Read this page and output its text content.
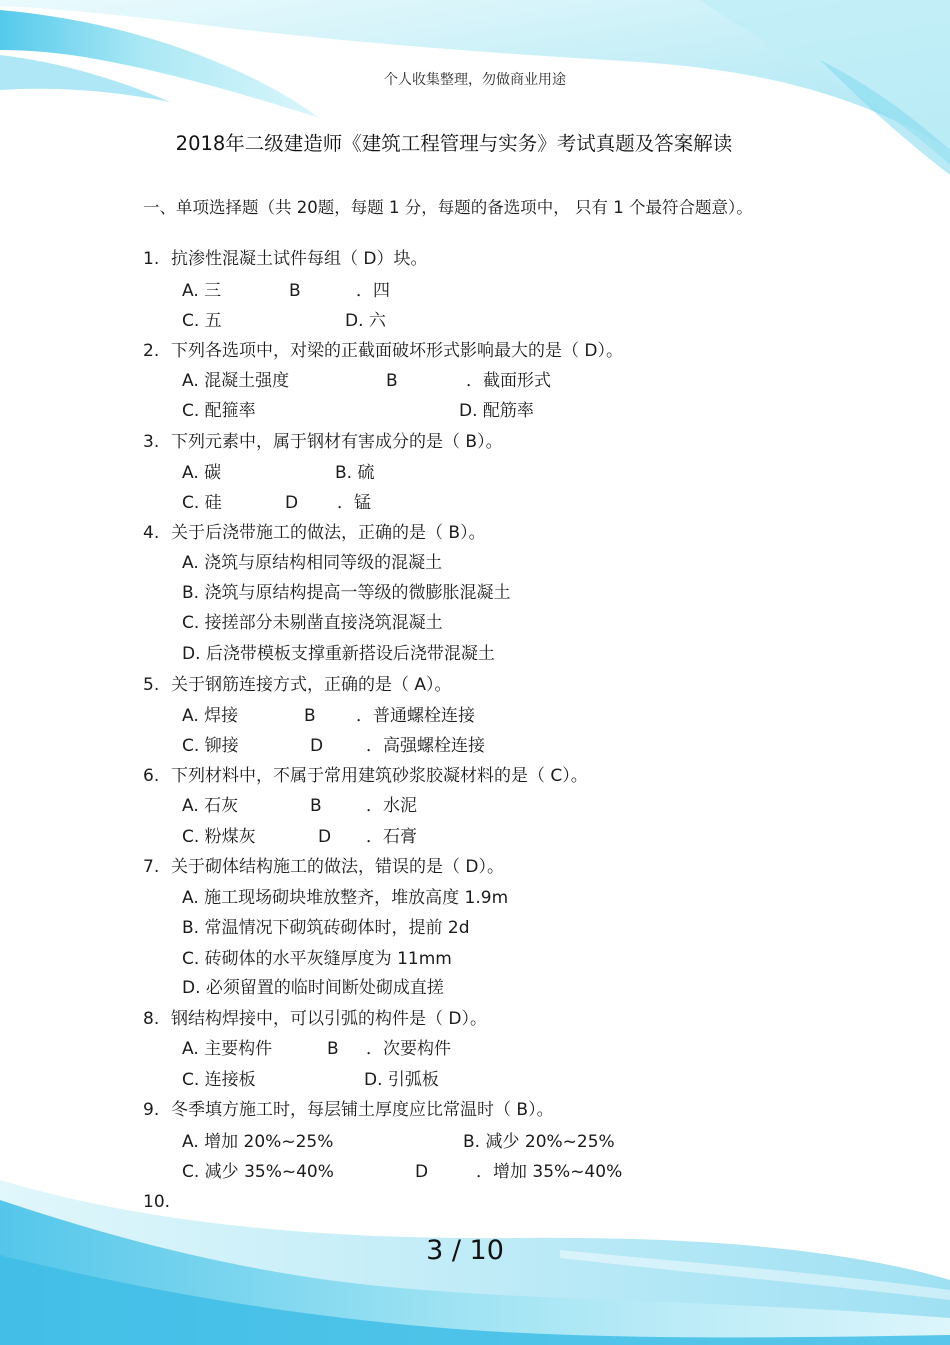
个人收集整理，勿做商业用途
2018年二级建造师《建筑工程管理与实务》考试真题及答案解读
一、单项选择题（共 20题，每题 1 分，每题的备选项中， 只有 1 个最符合题意）。
1. 抗渗性混凝土试件每组（ D）块。
A. 三	B	．四
C. 五	D. 六
2. 下列各选项中，对梁的正截面破坏形式影响最大的是（ D）。
A. 混凝土强度	B	．截面形式
C. 配箍率	D. 配筋率
3. 下列元素中，属于钢材有害成分的是（ B）。
A. 碳	B. 硫
C. 硅	D ．锰
4. 关于后浇带施工的做法，正确的是（ B）。
A. 浇筑与原结构相同等级的混凝土
B. 浇筑与原结构提高一等级的微膨胀混凝土
C. 接搓部分未剔凿直接浇筑混凝土
D. 后浇带模板支撑重新搭设后浇带混凝土
5. 关于钢筋连接方式，正确的是（ A）。
A. 焊接	B ．普通螺栓连接
C. 铆接	D	．高强螺栓连接
6. 下列材料中，不属于常用建筑砂浆胶凝材料的是（ C）。
A. 石灰	B	．水泥
C. 粉煤灰	D ．石膏
7. 关于砌体结构施工的做法，错误的是（ D）。
A. 施工现场砌块堆放整齐，堆放高度 1.9m
B. 常温情况下砌筑砖砌体时，提前 2d
C. 砖砌体的水平灰缝厚度为 11mm
D. 必须留置的临时间断处砌成直搓
8. 钢结构焊接中，可以引弧的构件是（ D）。
A. 主要构件	B ．次要构件
C. 连接板	D. 引弧板
9. 冬季填方施工时，每层铺土厚度应比常温时（ B）。
A. 增加 20%~25%	B. 减少 20%~25%
C. 减少 35%~40%	D	．增加 35%~40%
10.
3 / 10
